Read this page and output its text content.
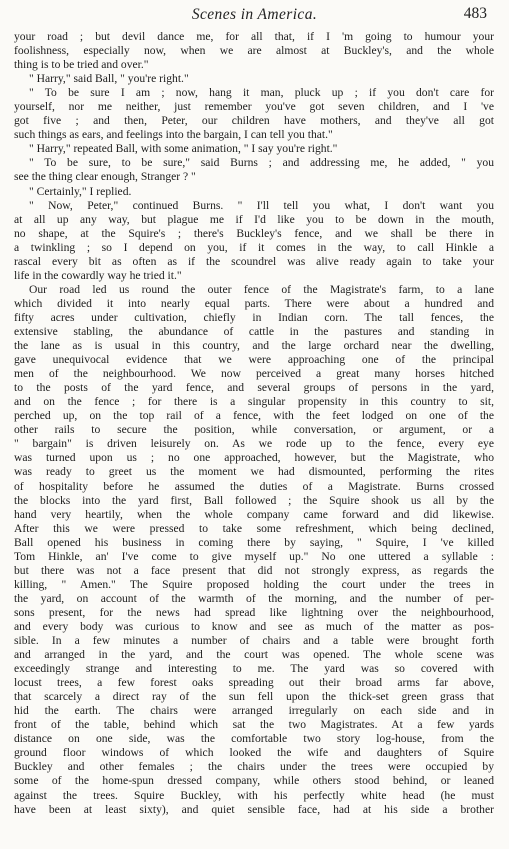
Scenes in America.	483
your road ; but devil dance me, for all that, if I 'm going to humour your
foolishness, especially now, when we are almost at Buckley's, and the whole
thing is to be tried and over."
" Harry," said Ball, " you're right."
" To be sure I am ; now, hang it man, pluck up ; if you don't care for
yourself, nor me neither, just remember you've got seven children, and I 've
got five ; and then, Peter, our children have mothers, and they've all got
such things as ears, and feelings into the bargain, I can tell you that."
" Harry," repeated Ball, with some animation, " I say you're right."
" To be sure, to be sure," said Burns ; and addressing me, he added, " you
see the thing clear enough, Stranger ? "
" Certainly," I replied.
" Now, Peter," continued Burns. " I'll tell you what, I don't want you
at all up any way, but plague me if I'd like you to be down in the mouth,
no shape, at the Squire's ; there's Buckley's fence, and we shall be there in
a twinkling ; so I depend on you, if it comes in the way, to call Hinkle a
rascal every bit as often as if the scoundrel was alive ready again to take your
life in the cowardly way he tried it."
Our road led us round the outer fence of the Magistrate's farm, to a lane
which divided it into nearly equal parts. There were about a hundred and
fifty acres under cultivation, chiefly in Indian corn. The tall fences, the
extensive stabling, the abundance of cattle in the pastures and standing in
the lane as is usual in this country, and the large orchard near the dwelling,
gave unequivocal evidence that we were approaching one of the principal
men of the neighbourhood. We now perceived a great many horses hitched
to the posts of the yard fence, and several groups of persons in the yard,
and on the fence ; for there is a singular propensity in this country to sit,
perched up, on the top rail of a fence, with the feet lodged on one of the
other rails to secure the position, while conversation, or argument, or a
" bargain" is driven leisurely on. As we rode up to the fence, every eye
was turned upon us ; no one approached, however, but the Magistrate, who
was ready to greet us the moment we had dismounted, performing the rites
of hospitality before he assumed the duties of a Magistrate. Burns crossed
the blocks into the yard first, Ball followed ; the Squire shook us all by the
hand very heartily, when the whole company came forward and did likewise.
After this we were pressed to take some refreshment, which being declined,
Ball opened his business in coming there by saying, " Squire, I 've killed
Tom Hinkle, an' I've come to give myself up." No one uttered a syllable :
but there was not a face present that did not strongly express, as regards the
killing, " Amen." The Squire proposed holding the court under the trees in
the yard, on account of the warmth of the morning, and the number of per-
sons present, for the news had spread like lightning over the neighbourhood,
and every body was curious to know and see as much of the matter as pos-
sible. In a few minutes a number of chairs and a table were brought forth
and arranged in the yard, and the court was opened. The whole scene was
exceedingly strange and interesting to me. The yard was so covered with
locust trees, a few forest oaks spreading out their broad arms far above,
that scarcely a direct ray of the sun fell upon the thick-set green grass that
hid the earth. The chairs were arranged irregularly on each side and in
front of the table, behind which sat the two Magistrates. At a few yards
distance on one side, was the comfortable two story log-house, from the
ground floor windows of which looked the wife and daughters of Squire
Buckley and other females ; the chairs under the trees were occupied by
some of the home-spun dressed company, while others stood behind, or leaned
against the trees. Squire Buckley, with his perfectly white head (he must
have been at least sixty), and quiet sensible face, had at his side a brother
